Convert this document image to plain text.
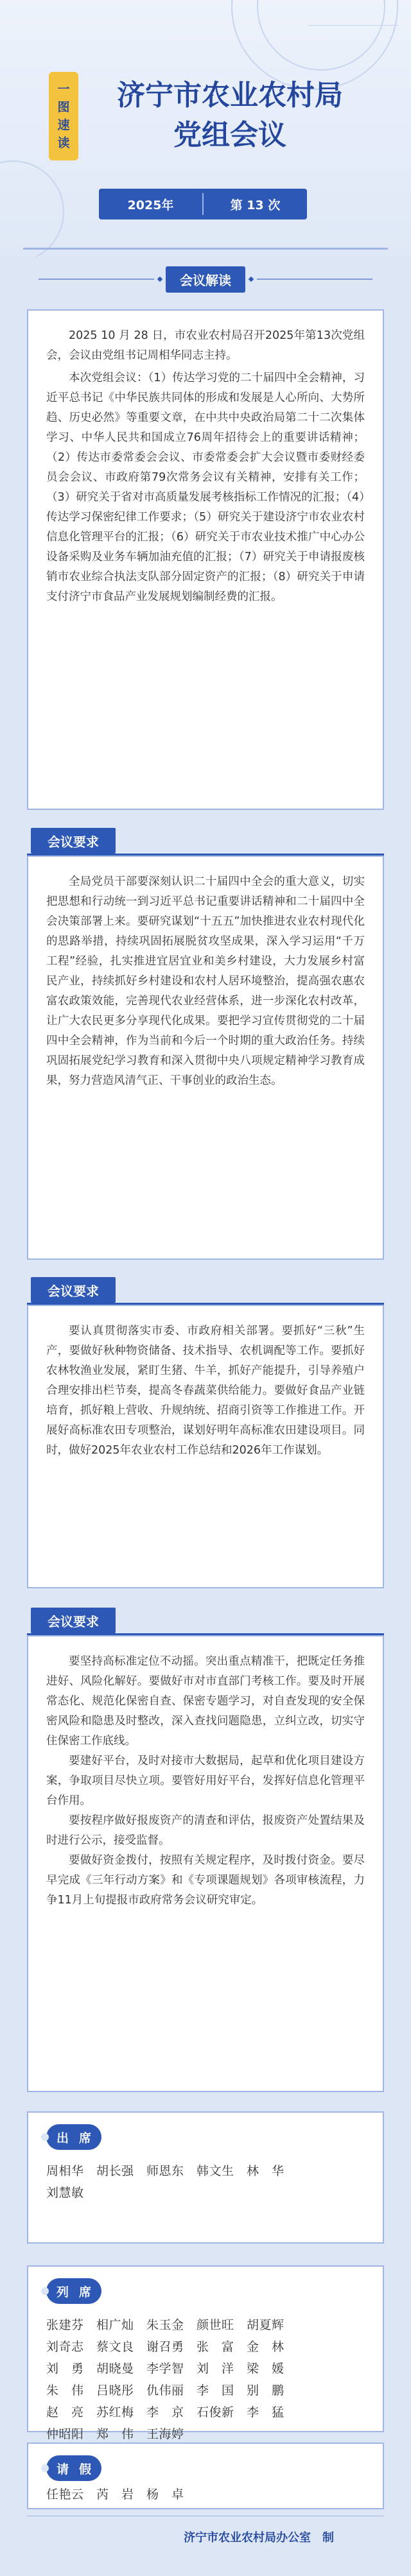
一
图
速
读
济宁市农业农村局
党组会议
2025年	第 13 次
会议解读

2025 10 月 28 日，市农业农村局召开2025年第13次党组会，会议由党组书记周相华同志主持。

本次党组会议：（1）传达学习党的二十届四中全会精神，习近平总书记《中华民族共同体的形成和发展是人心所向、大势所趋、历史必然》等重要文章，在中共中央政治局第二十二次集体学习、中华人民共和国成立76周年招待会上的重要讲话精神；（2）传达市委常委会会议、市委常委会扩大会议暨市委财经委员会会议、市政府第79次常务会议有关精神，安排有关工作；（3）研究关于省对市高质量发展考核指标工作情况的汇报；（4）传达学习保密纪律工作要求；（5）研究关于建设济宁市农业农村信息化管理平台的汇报；（6）研究关于市农业技术推广中心办公设备采购及业务车辆加油充值的汇报；（7）研究关于申请报废核销市农业综合执法支队部分固定资产的汇报；（8）研究关于申请支付济宁市食品产业发展规划编制经费的汇报。

会议要求

全局党员干部要深刻认识二十届四中全会的重大意义，切实把思想和行动统一到习近平总书记重要讲话精神和二十届四中全会决策部署上来。要研究谋划“十五五”加快推进农业农村现代化的思路举措，持续巩固拓展脱贫攻坚成果，深入学习运用“千万工程”经验，扎实推进宜居宜业和美乡村建设，大力发展乡村富民产业，持续抓好乡村建设和农村人居环境整治，提高强农惠农富农政策效能，完善现代农业经营体系，进一步深化农村改革，让广大农民更多分享现代化成果。要把学习宣传贯彻党的二十届四中全会精神，作为当前和今后一个时期的重大政治任务。持续巩固拓展党纪学习教育和深入贯彻中央八项规定精神学习教育成果，努力营造风清气正、干事创业的政治生态。

会议要求

要认真贯彻落实市委、市政府相关部署。要抓好“三秋”生产，要做好秋种物资储备、技术指导、农机调配等工作。要抓好农林牧渔业发展，紧盯生猪、牛羊，抓好产能提升，引导养殖户合理安排出栏节奏，提高冬春蔬菜供给能力。要做好食品产业链培育，抓好粮上营收、升规纳统、招商引资等工作推进工作。开展好高标准农田专项整治，谋划好明年高标准农田建设项目。同时，做好2025年农业农村工作总结和2026年工作谋划。

会议要求

要坚持高标准定位不动摇。突出重点精准干，把既定任务推进好、风险化解好。要做好市对市直部门考核工作。要及时开展常态化、规范化保密自查、保密专题学习，对自查发现的安全保密风险和隐患及时整改，深入查找问题隐患，立纠立改，切实守住保密工作底线。

要建好平台，及时对接市大数据局，起草和优化项目建设方案，争取项目尽快立项。要管好用好平台，发挥好信息化管理平台作用。

要按程序做好报废资产的清查和评估，报废资产处置结果及时进行公示，接受监督。

要做好资金拨付，按照有关规定程序，及时拨付资金。要尽早完成《三年行动方案》和《专项课题规划》各项审核流程，力争11月上旬提报市政府常务会议研究审定。

出 席
周相华　胡长强　师恩东　韩文生　林　华
刘慧敏
列 席
张建芬　相广灿　朱玉金　颜世旺　胡夏辉
刘奇志　蔡文良　谢召勇　张　富　金　林
刘　勇　胡晓曼　李学智　刘　洋　梁　媛
朱　伟　吕晓彤　仇伟丽　李　国　别　鹏
赵　亮　苏红梅　李　京　石俊新　李　猛
仲昭阳　郑　伟　王海婷
请 假
任艳云　芮　岩　杨　卓
济宁市农业农村局办公室　制
